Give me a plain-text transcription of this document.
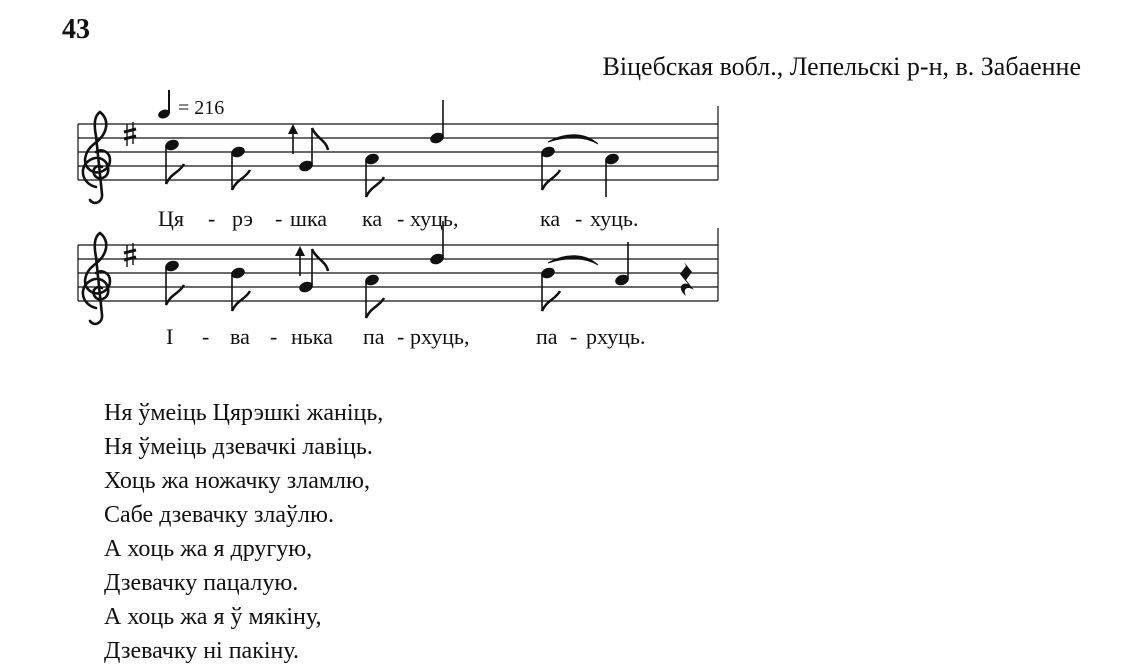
43
Віцебская вобл., Лепельскі р-н, в. Забаенне
= 216
Ця - рэ - шка ка - хуць,	ка - хуць.
І - ва - нька па - рхуць,	па - рхуць.
Ня ўмеіць Цярэшкі жаніць,
Ня ўмеіць дзевачкі лавіць.
Хоць жа ножачку зламлю,
Сабе дзевачку злаўлю.
А хоць жа я другую,
Дзевачку пацалую.
А хоць жа я ў мякіну,
Дзевачку ні пакіну.
